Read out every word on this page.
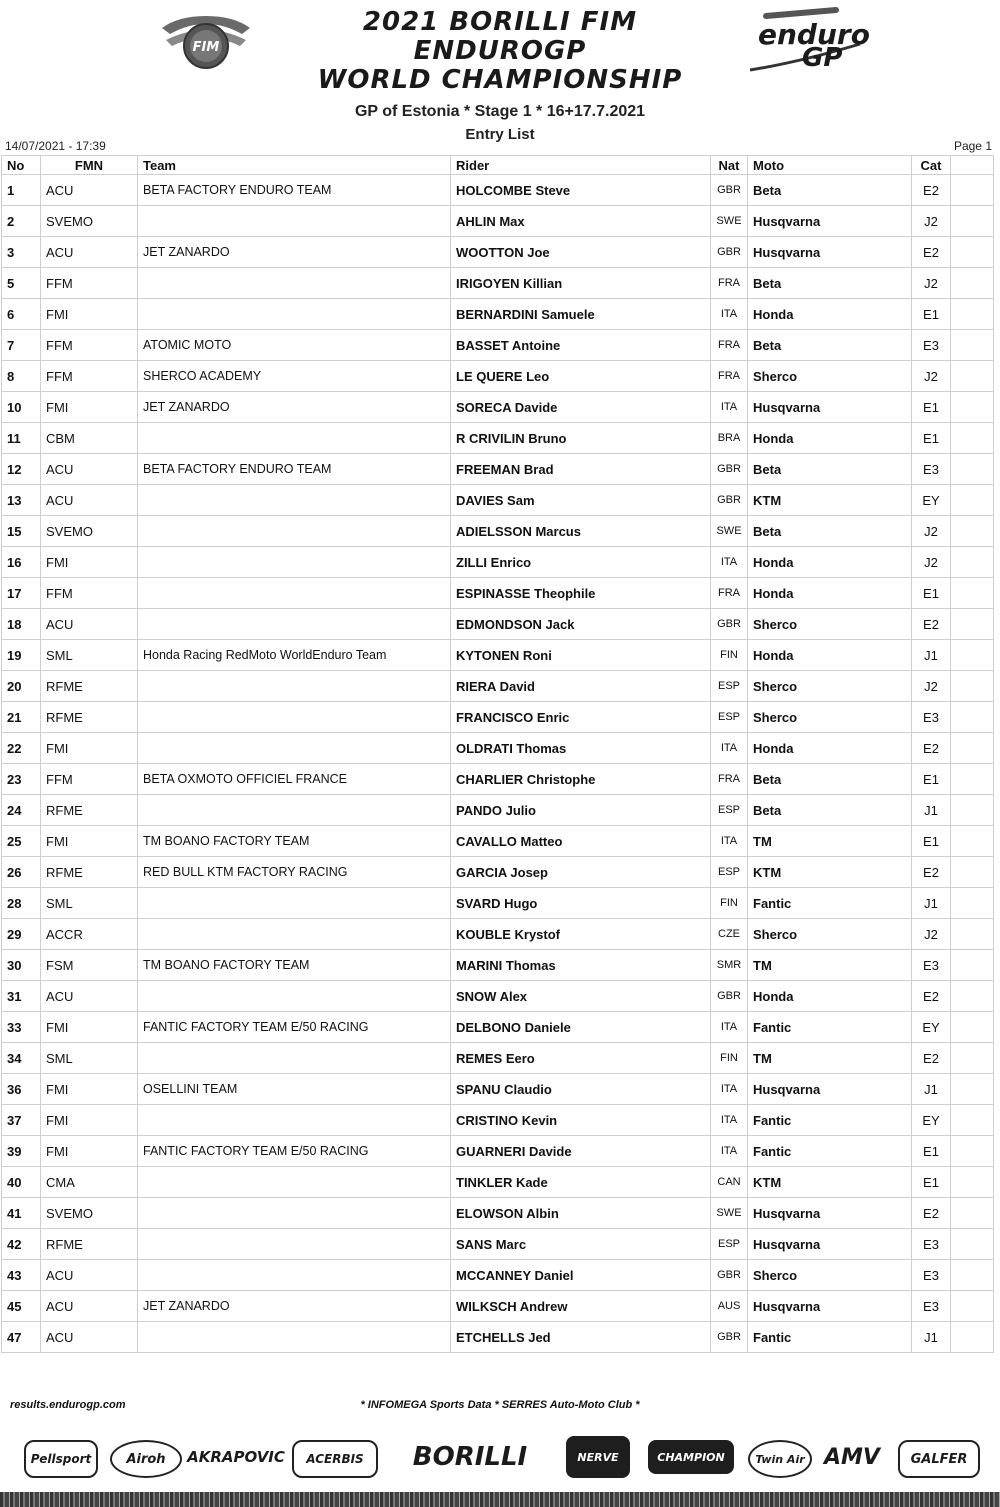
FIM
2021 BORILLI FIM ENDUROGP
WORLD CHAMPIONSHIP
enduro
GP
GP of Estonia * Stage 1 * 16+17.7.2021
Entry List
14/07/2021 - 17:39	Page 1
No	FMN	Team	Rider	Nat	Moto	Cat	
1	ACU	BETA FACTORY ENDURO TEAM	HOLCOMBE Steve	GBR	Beta	E2	
2	SVEMO		AHLIN Max	SWE	Husqvarna	J2	
3	ACU	JET ZANARDO	WOOTTON Joe	GBR	Husqvarna	E2	
5	FFM		IRIGOYEN Killian	FRA	Beta	J2	
6	FMI		BERNARDINI Samuele	ITA	Honda	E1	
7	FFM	ATOMIC MOTO	BASSET Antoine	FRA	Beta	E3	
8	FFM	SHERCO ACADEMY	LE QUERE Leo	FRA	Sherco	J2	
10	FMI	JET ZANARDO	SORECA Davide	ITA	Husqvarna	E1	
11	CBM		R CRIVILIN Bruno	BRA	Honda	E1	
12	ACU	BETA FACTORY ENDURO TEAM	FREEMAN Brad	GBR	Beta	E3	
13	ACU		DAVIES Sam	GBR	KTM	EY	
15	SVEMO		ADIELSSON Marcus	SWE	Beta	J2	
16	FMI		ZILLI Enrico	ITA	Honda	J2	
17	FFM		ESPINASSE Theophile	FRA	Honda	E1	
18	ACU		EDMONDSON Jack	GBR	Sherco	E2	
19	SML	Honda Racing RedMoto WorldEnduro Team	KYTONEN Roni	FIN	Honda	J1	
20	RFME		RIERA David	ESP	Sherco	J2	
21	RFME		FRANCISCO Enric	ESP	Sherco	E3	
22	FMI		OLDRATI Thomas	ITA	Honda	E2	
23	FFM	BETA OXMOTO OFFICIEL FRANCE	CHARLIER Christophe	FRA	Beta	E1	
24	RFME		PANDO Julio	ESP	Beta	J1	
25	FMI	TM BOANO FACTORY TEAM	CAVALLO Matteo	ITA	TM	E1	
26	RFME	RED BULL KTM FACTORY RACING	GARCIA Josep	ESP	KTM	E2	
28	SML		SVARD Hugo	FIN	Fantic	J1	
29	ACCR		KOUBLE Krystof	CZE	Sherco	J2	
30	FSM	TM BOANO FACTORY TEAM	MARINI Thomas	SMR	TM	E3	
31	ACU		SNOW Alex	GBR	Honda	E2	
33	FMI	FANTIC FACTORY TEAM E/50 RACING	DELBONO Daniele	ITA	Fantic	EY	
34	SML		REMES Eero	FIN	TM	E2	
36	FMI	OSELLINI TEAM	SPANU Claudio	ITA	Husqvarna	J1	
37	FMI		CRISTINO Kevin	ITA	Fantic	EY	
39	FMI	FANTIC FACTORY TEAM E/50 RACING	GUARNERI Davide	ITA	Fantic	E1	
40	CMA		TINKLER Kade	CAN	KTM	E1	
41	SVEMO		ELOWSON Albin	SWE	Husqvarna	E2	
42	RFME		SANS Marc	ESP	Husqvarna	E3	
43	ACU		MCCANNEY Daniel	GBR	Sherco	E3	
45	ACU	JET ZANARDO	WILKSCH Andrew	AUS	Husqvarna	E3	
47	ACU		ETCHELLS Jed	GBR	Fantic	J1	
results.endurogp.com	* INFOMEGA Sports Data * SERRES Auto-Moto Club *
Pellsport	Airoh	AKRAPOVIC	ACERBIS	BORILLI	NERVE	CHAMPION	Twin Air AMV	GALFER
